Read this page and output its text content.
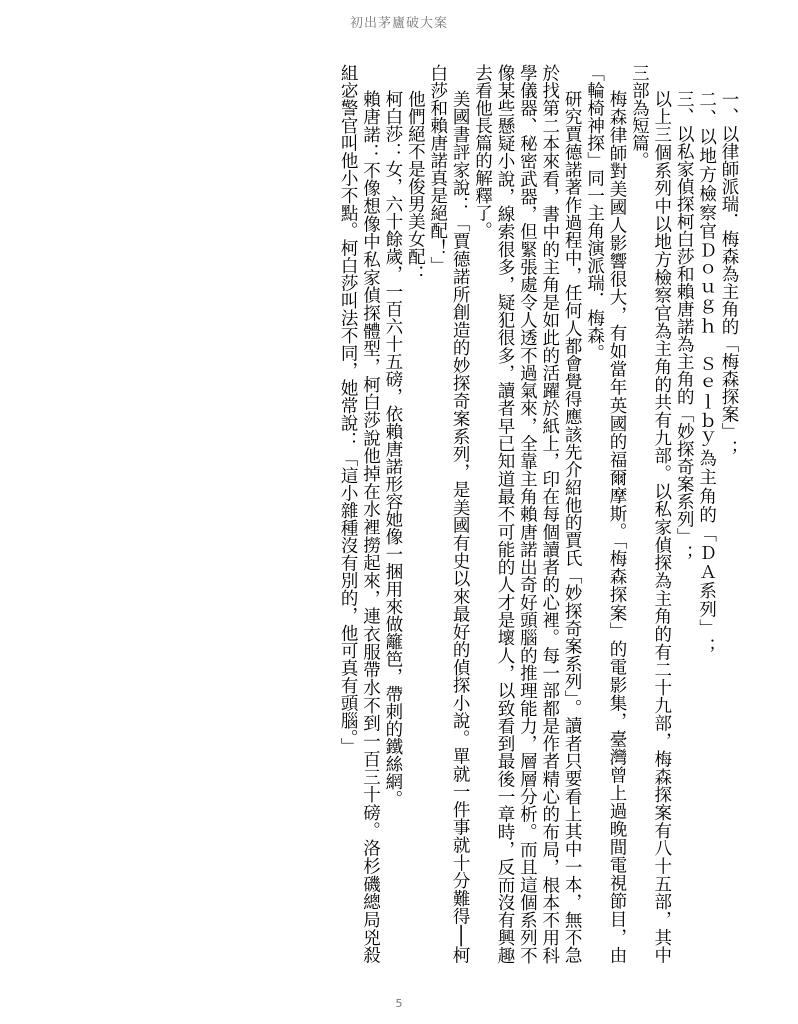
初出茅廬破大案

一、以律師派瑞．梅森為主角的「梅森探案」；

二、以地方檢察官Ｄｏｕｇｈ　Ｓｅｌｂｙ為主角的「ＤＡ系列」；

三、以私家偵探柯白莎和賴唐諾為主角的「妙探奇案系列」；

以上三個系列中以地方檢察官為主角的共有九部。以私家偵探為主角的有二十九部，梅森探案有八十五部，其中三部為短篇。

梅森律師對美國人影響很大，有如當年英國的福爾摩斯。「梅森探案」的電影集，臺灣曾上過晚間電視節目，由「輪椅神探」同一主角演派瑞．梅森。

研究賈德諾著作過程中，任何人都會覺得應該先介紹他的賈氏「妙探奇案系列」。讀者只要看上其中一本，無不急於找第二本來看，書中的主角是如此的活躍於紙上，印在每個讀者的心裡。每一部都是作者精心的布局，根本不用科學儀器、秘密武器，但緊張處令人透不過氣來，全靠主角賴唐諾出奇好頭腦的推理能力，層層分析。而且這個系列不像某些懸疑小說，線索很多，疑犯很多，讀者早已知道最不可能的人才是壞人，以致看到最後一章時，反而沒有興趣去看他長篇的解釋了。

美國書評家說：「賈德諾所創造的妙探奇案系列，是美國有史以來最好的偵探小說。單就一件事就十分難得──柯白莎和賴唐諾真是絕配！」

他們絕不是俊男美女配：

柯白莎：女，六十餘歲，一百六十五磅，依賴唐諾形容她像一捆用來做籬笆，帶刺的鐵絲網。

賴唐諾：不像想像中私家偵探體型，柯白莎說他掉在水裡撈起來，連衣服帶水不到一百三十磅。洛杉磯總局兇殺組宓警官叫他小不點。柯白莎叫法不同，她常說：「這小雜種沒有別的，他可真有頭腦。」

5
